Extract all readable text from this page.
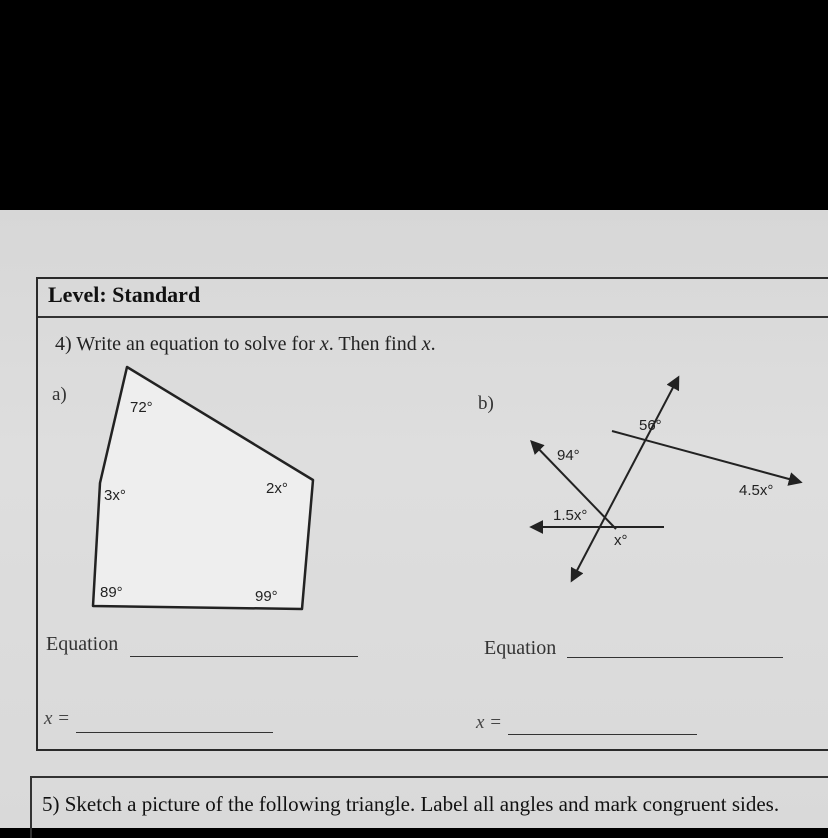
Level: Standard
4) Write an equation to solve for x. Then find x.
a)	b)
72°
3x°	2x°
89°	99°
56°
94°
4.5x°
1.5x°
x°
Equation
x =
Equation
x =
5) Sketch a picture of the following triangle. Label all angles and mark congruent sides.
